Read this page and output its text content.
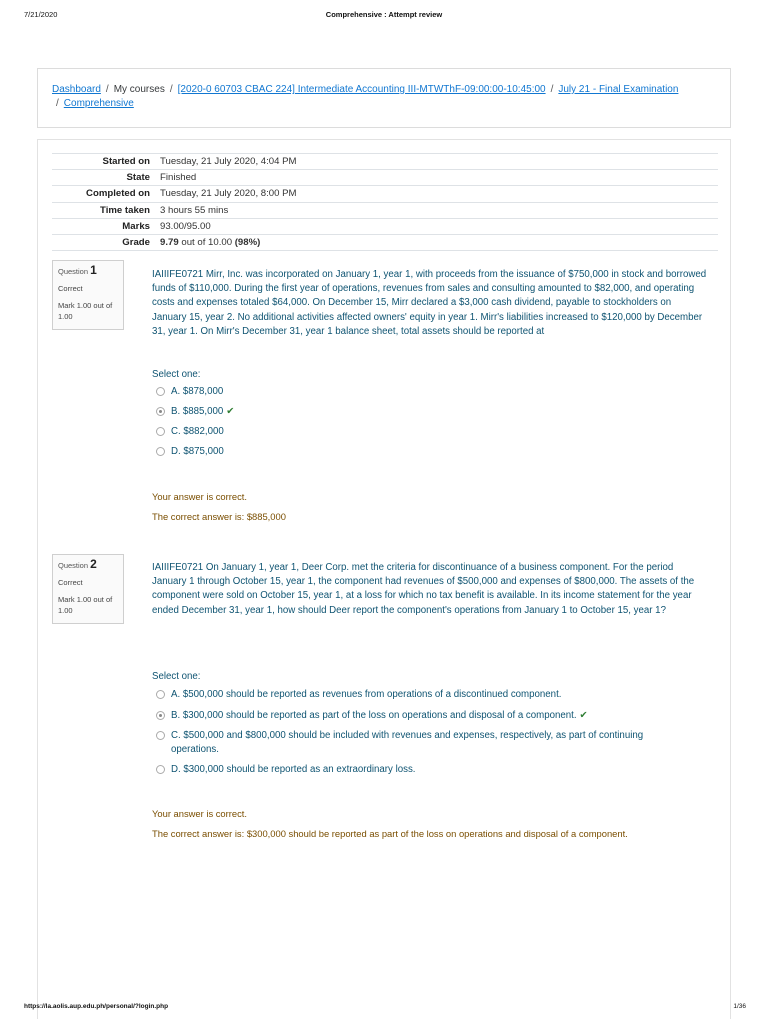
7/21/2020	Comprehensive : Attempt review
Dashboard / My courses / [2020-0 60703 CBAC 224] Intermediate Accounting III-MTWThF-09:00:00-10:45:00 / July 21 - Final Examination
/ Comprehensive
Started on	Tuesday, 21 July 2020, 4:04 PM
State	Finished
Completed on	Tuesday, 21 July 2020, 8:00 PM
Time taken	3 hours 55 mins
Marks	93.00/95.00
Grade	9.79 out of 10.00 (98%)
Question 1
Correct
Mark 1.00 out of 1.00
IAIIIFE0721 Mirr, Inc. was incorporated on January 1, year 1, with proceeds from the issuance of $750,000 in stock and borrowed funds of $110,000. During the first year of operations, revenues from sales and consulting amounted to $82,000, and operating costs and expenses totaled $64,000. On December 15, Mirr declared a $3,000 cash dividend, payable to stockholders on January 15, year 2. No additional activities affected owners' equity in year 1. Mirr's liabilities increased to $120,000 by December 31, year 1. On Mirr's December 31, year 1 balance sheet, total assets should be reported at
Select one:
A. $878,000
B. $885,000 ✔
C. $882,000
D. $875,000
Your answer is correct.
The correct answer is: $885,000
Question 2
Correct
Mark 1.00 out of 1.00
IAIIIFE0721 On January 1, year 1, Deer Corp. met the criteria for discontinuance of a business component. For the period January 1 through October 15, year 1, the component had revenues of $500,000 and expenses of $800,000. The assets of the component were sold on October 15, year 1, at a loss for which no tax benefit is available. In its income statement for the year ended December 31, year 1, how should Deer report the component's operations from January 1 to October 15, year 1?
Select one:
A. $500,000 should be reported as revenues from operations of a discontinued component.
B. $300,000 should be reported as part of the loss on operations and disposal of a component. ✔
C. $500,000 and $800,000 should be included with revenues and expenses, respectively, as part of continuing operations.
D. $300,000 should be reported as an extraordinary loss.
Your answer is correct.
The correct answer is: $300,000 should be reported as part of the loss on operations and disposal of a component.
https://la.aolis.aup.edu.ph/personal/?login.php	1/36
